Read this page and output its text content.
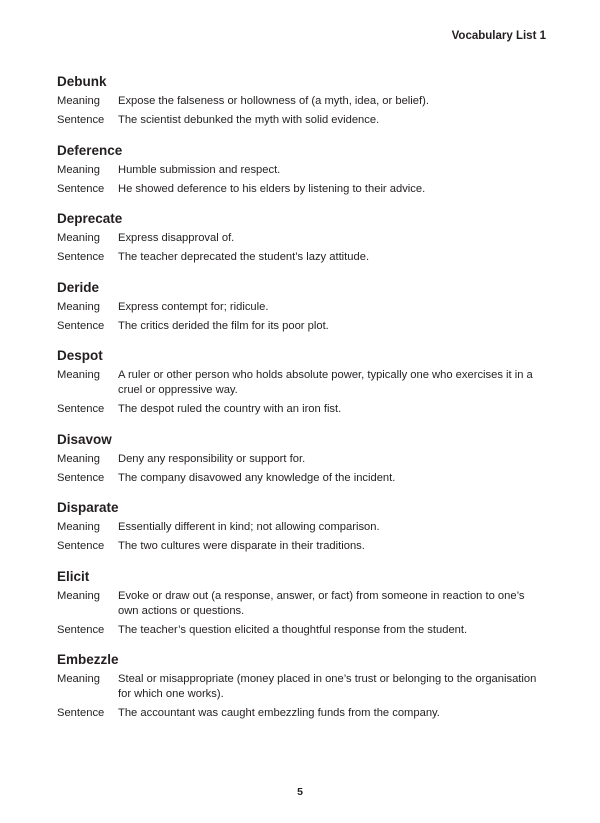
Vocabulary List 1
Debunk
Meaning	Expose the falseness or hollowness of (a myth, idea, or belief).
Sentence	The scientist debunked the myth with solid evidence.
Deference
Meaning	Humble submission and respect.
Sentence	He showed deference to his elders by listening to their advice.
Deprecate
Meaning	Express disapproval of.
Sentence	The teacher deprecated the student’s lazy attitude.
Deride
Meaning	Express contempt for; ridicule.
Sentence	The critics derided the film for its poor plot.
Despot
Meaning	A ruler or other person who holds absolute power, typically one who exercises it in a cruel or oppressive way.
Sentence	The despot ruled the country with an iron fist.
Disavow
Meaning	Deny any responsibility or support for.
Sentence	The company disavowed any knowledge of the incident.
Disparate
Meaning	Essentially different in kind; not allowing comparison.
Sentence	The two cultures were disparate in their traditions.
Elicit
Meaning	Evoke or draw out (a response, answer, or fact) from someone in reaction to one’s own actions or questions.
Sentence	The teacher’s question elicited a thoughtful response from the student.
Embezzle
Meaning	Steal or misappropriate (money placed in one’s trust or belonging to the organisation for which one works).
Sentence	The accountant was caught embezzling funds from the company.
5
